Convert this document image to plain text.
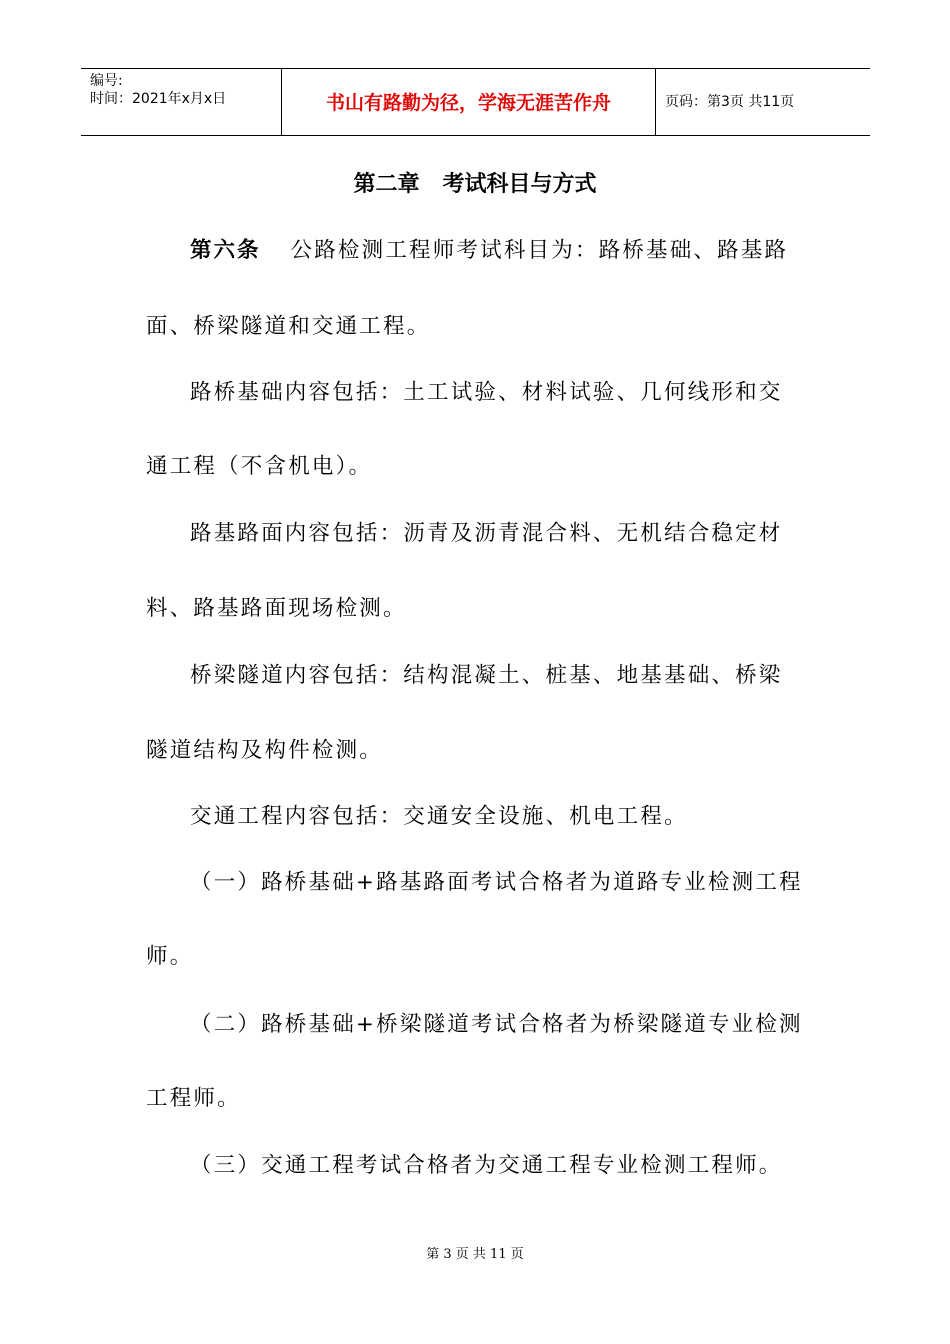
编号:
时间：2021年x月x日	书山有路勤为径，学海无涯苦作舟	页码：第3页 共11页
第二章   考试科目与方式
第六条 公路检测工程师考试科目为：路桥基础、路基路
面、桥梁隧道和交通工程。
路桥基础内容包括：土工试验、材料试验、几何线形和交
通工程（不含机电）。
路基路面内容包括：沥青及沥青混合料、无机结合稳定材
料、路基路面现场检测。
桥梁隧道内容包括：结构混凝土、桩基、地基基础、桥梁
隧道结构及构件检测。
交通工程内容包括：交通安全设施、机电工程。
（一）路桥基础+路基路面考试合格者为道路专业检测工程
师。
（二）路桥基础+桥梁隧道考试合格者为桥梁隧道专业检测
工程师。
（三）交通工程考试合格者为交通工程专业检测工程师。
第 3 页 共 11 页
